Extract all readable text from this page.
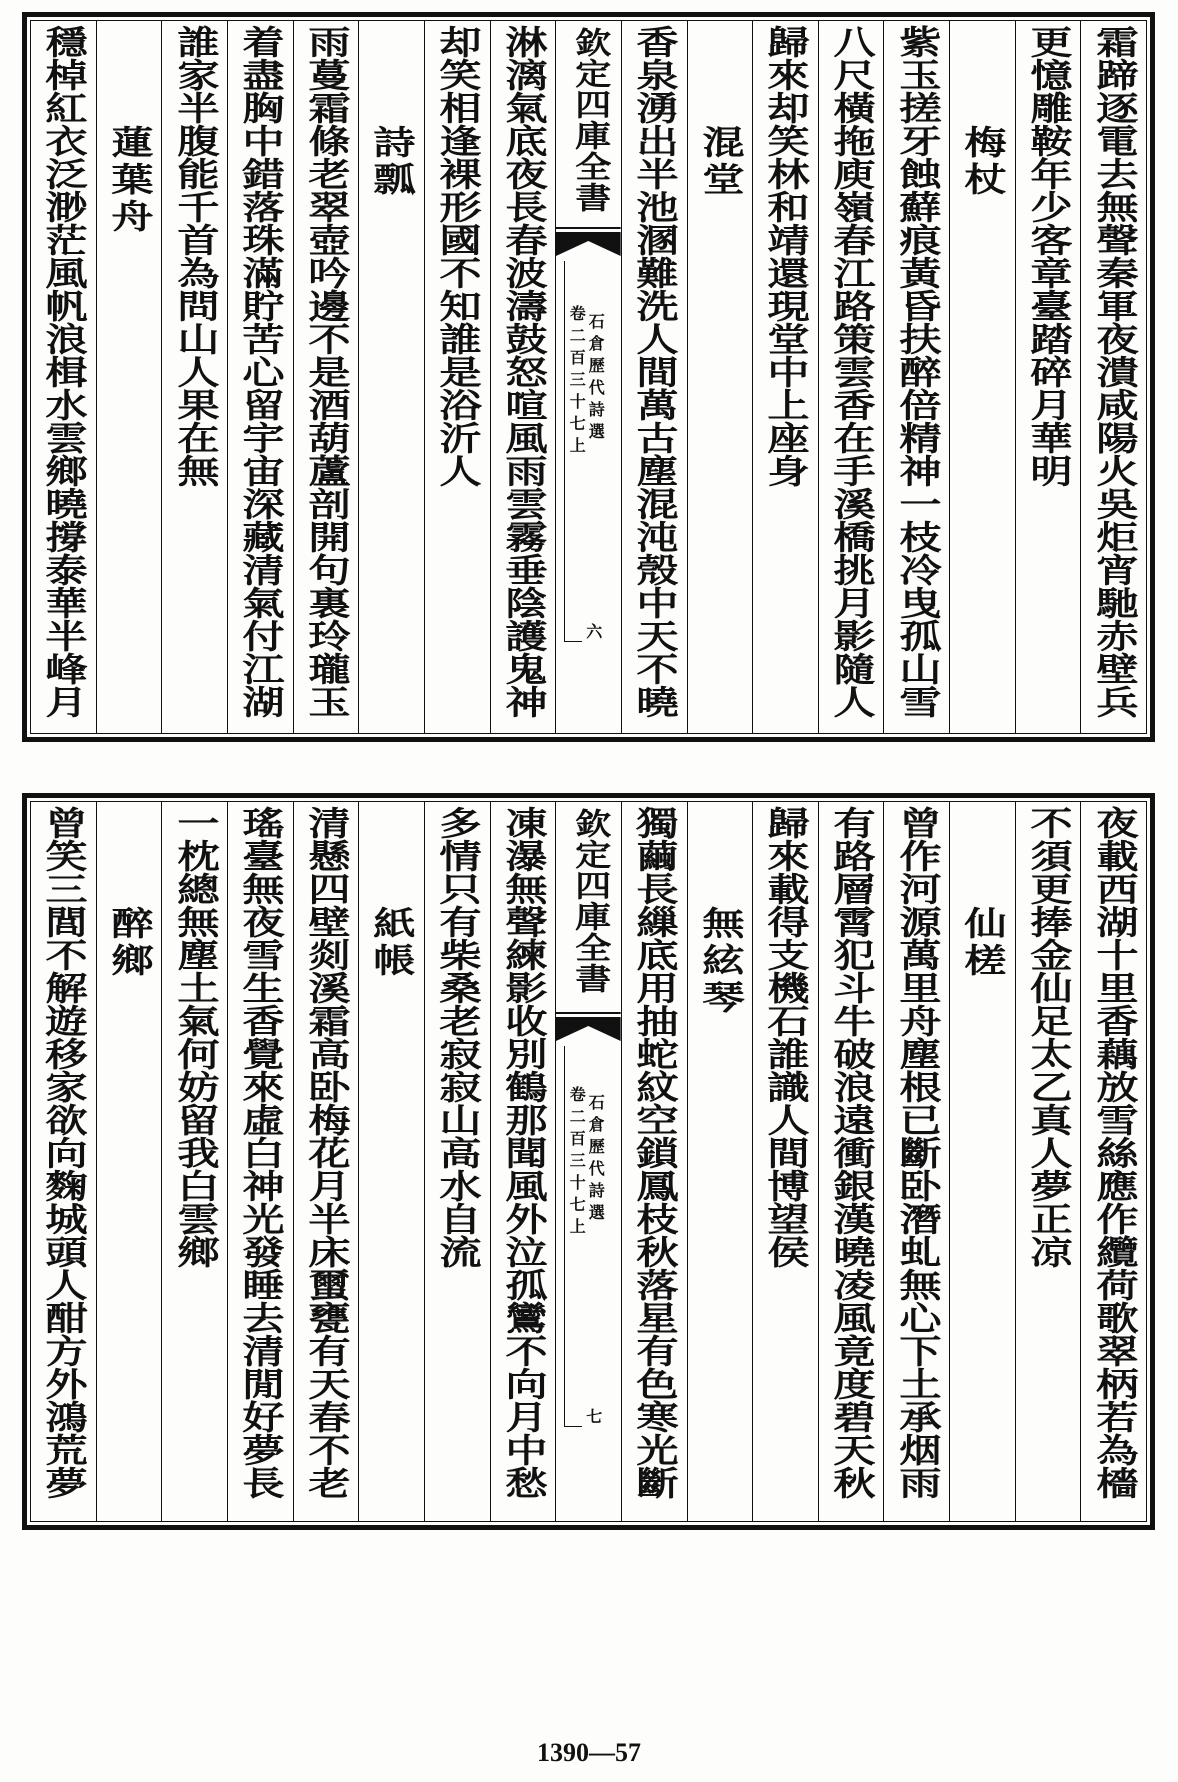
霜蹄逐電去無聲秦軍夜潰咸陽火吳炬宵馳赤壁兵
更憶雕鞍年少客章臺踏碎月華明
梅杖
紫玉搓牙蝕蘚痕黃昏扶醉倍精神一枝冷曳孤山雪
八尺橫拖庾嶺春江路策雲香在手溪橋挑月影隨人
歸來却笑林和靖還現堂中上座身
混堂
香泉湧出半池溷難洗人間萬古塵混沌殼中天不曉
欽定四庫全書
石倉歷代詩選
卷二百三十七上
六
淋漓氣底夜長春波濤鼓怒喧風雨雲霧垂陰護鬼神
却笑相逢裸形國不知誰是浴沂人
詩瓢
雨蔓霜條老翠壺吟邊不是酒葫蘆剖開句裏玲瓏玉
着盡胸中錯落珠滿貯苦心留宇宙深藏清氣付江湖
誰家半腹能千首為問山人果在無
蓮葉舟
穩棹紅衣泛渺茫風帆浪楫水雲鄉曉撐泰華半峰月
夜載西湖十里香藕放雪絲應作纜荷歌翠柄若為檣
不須更捧金仙足太乙真人夢正凉
仙槎
曾作河源萬里舟塵根已斷卧潛虬無心下土承烟雨
有路層霄犯斗牛破浪遠衝銀漢曉凌風竟度碧天秋
歸來載得支機石誰識人間博望侯
無絃琴
獨繭長繅底用抽蛇紋空鎖鳳枝秋落星有色寒光斷
欽定四庫全書
石倉歷代詩選
卷二百三十七上
七
凍瀑無聲練影收別鶴那聞風外泣孤鸞不向月中愁
多情只有柴桑老寂寂山高水自流
紙帳
清懸四壁剡溪霜高卧梅花月半床蠒甕有天春不老
瑤臺無夜雪生香覺來虛白神光發睡去清閒好夢長
一枕總無塵土氣何妨留我白雲鄉
醉鄉
曾笑三閭不解遊移家欲向麴城頭人酣方外鴻荒夢
1390—57
